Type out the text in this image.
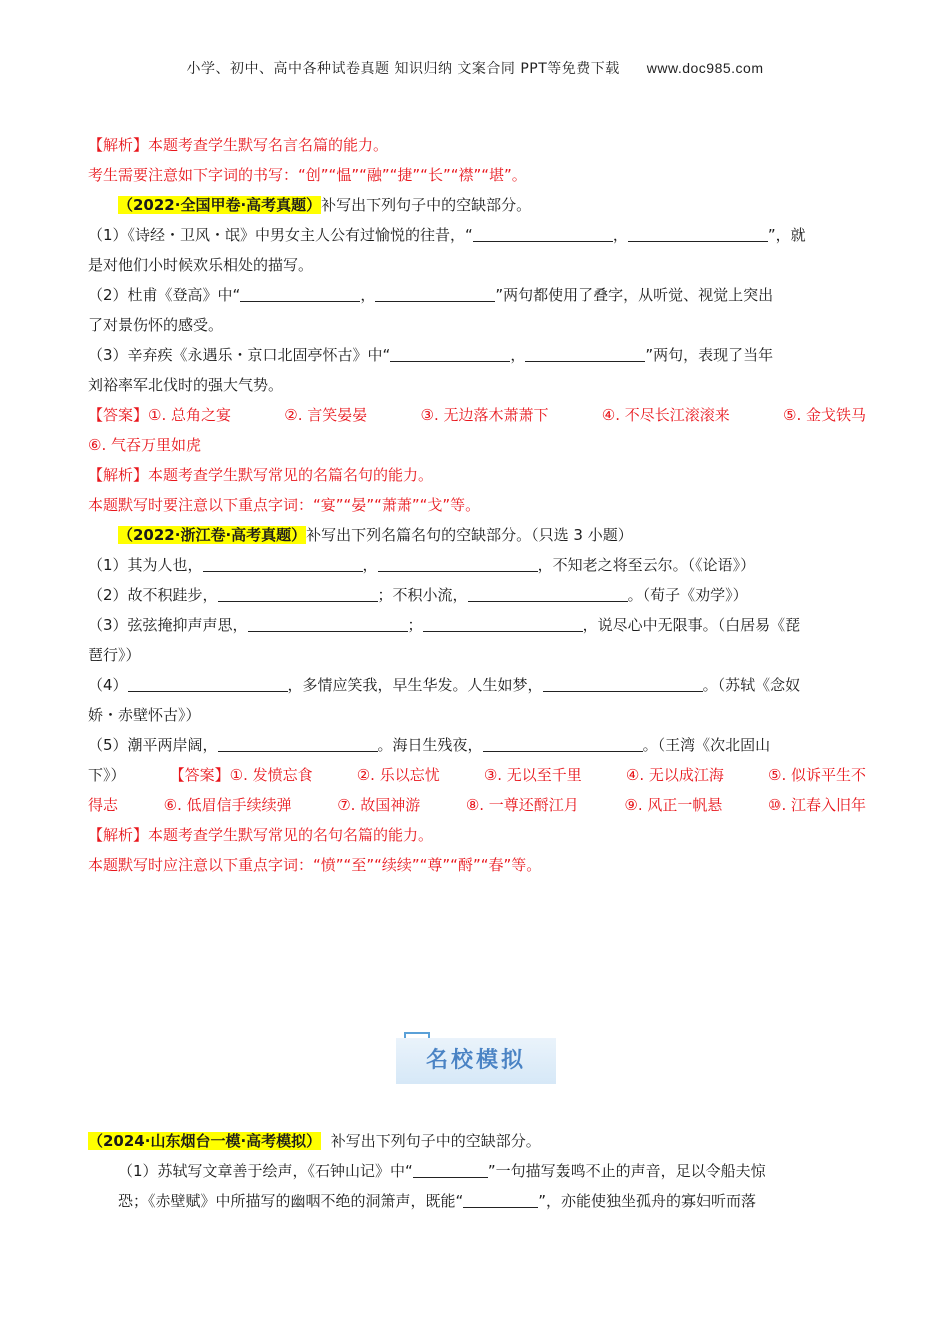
小学、初中、高中各种试卷真题 知识归纳 文案合同 PPT等免费下载 www.doc985.com

【解析】本题考查学生默写名言名篇的能力。

考生需要注意如下字词的书写：“创”“愠”“融”“捷”“长”“襟”“堪”。

（2022·全国甲卷·高考真题）补写出下列句子中的空缺部分。

（1）《诗经・卫风・氓》中男女主人公有过愉悦的往昔，“	，	”，就

是对他们小时候欢乐相处的描写。

（2）杜甫《登高》中“	，	”两句都使用了叠字，从听觉、视觉上突出

了对景伤怀的感受。

（3）辛弃疾《永遇乐・京口北固亭怀古》中“	，	”两句，表现了当年

刘裕率军北伐时的强大气势。

【答案】①. 总角之宴	②. 言笑晏晏	③. 无边落木萧萧下	④. 不尽长江滚滚来	⑤. 金戈铁马

⑥. 气吞万里如虎

【解析】本题考查学生默写常见的名篇名句的能力。

本题默写时要注意以下重点字词：“宴”“晏”“萧萧”“戈”等。

（2022·浙江卷·高考真题）补写出下列名篇名句的空缺部分。（只选 3 小题）

（1）其为人也，	，	，不知老之将至云尔。（《论语》）

（2）故不积跬步，	；不积小流，	。（荀子《劝学》）

（3）弦弦掩抑声声思，	；	，说尽心中无限事。（白居易《琵

琶行》）

（4）	，多情应笑我，早生华发。人生如梦，	。（苏轼《念奴

娇・赤壁怀古》）

（5）潮平两岸阔，	。海日生残夜，	。（王湾《次北固山

下》）	【答案】①. 发愤忘食	②. 乐以忘忧	③. 无以至千里	④. 无以成江海	⑤. 似诉平生不
得志	⑥. 低眉信手续续弹	⑦. 故国神游	⑧. 一尊还酹江月	⑨. 风正一帆悬	⑩. 江春入旧年

【解析】本题考查学生默写常见的名句名篇的能力。

本题默写时应注意以下重点字词：“愤”“至”“续续”“尊”“酹”“春”等。

名校模拟

（2024·山东烟台一模·高考模拟） 补写出下列句子中的空缺部分。

（1）苏轼写文章善于绘声，《石钟山记》中“	”一句描写轰鸣不止的声音，足以令船夫惊

恐；《赤壁赋》中所描写的幽咽不绝的洞箫声，既能“	”，亦能使独坐孤舟的寡妇听而落
